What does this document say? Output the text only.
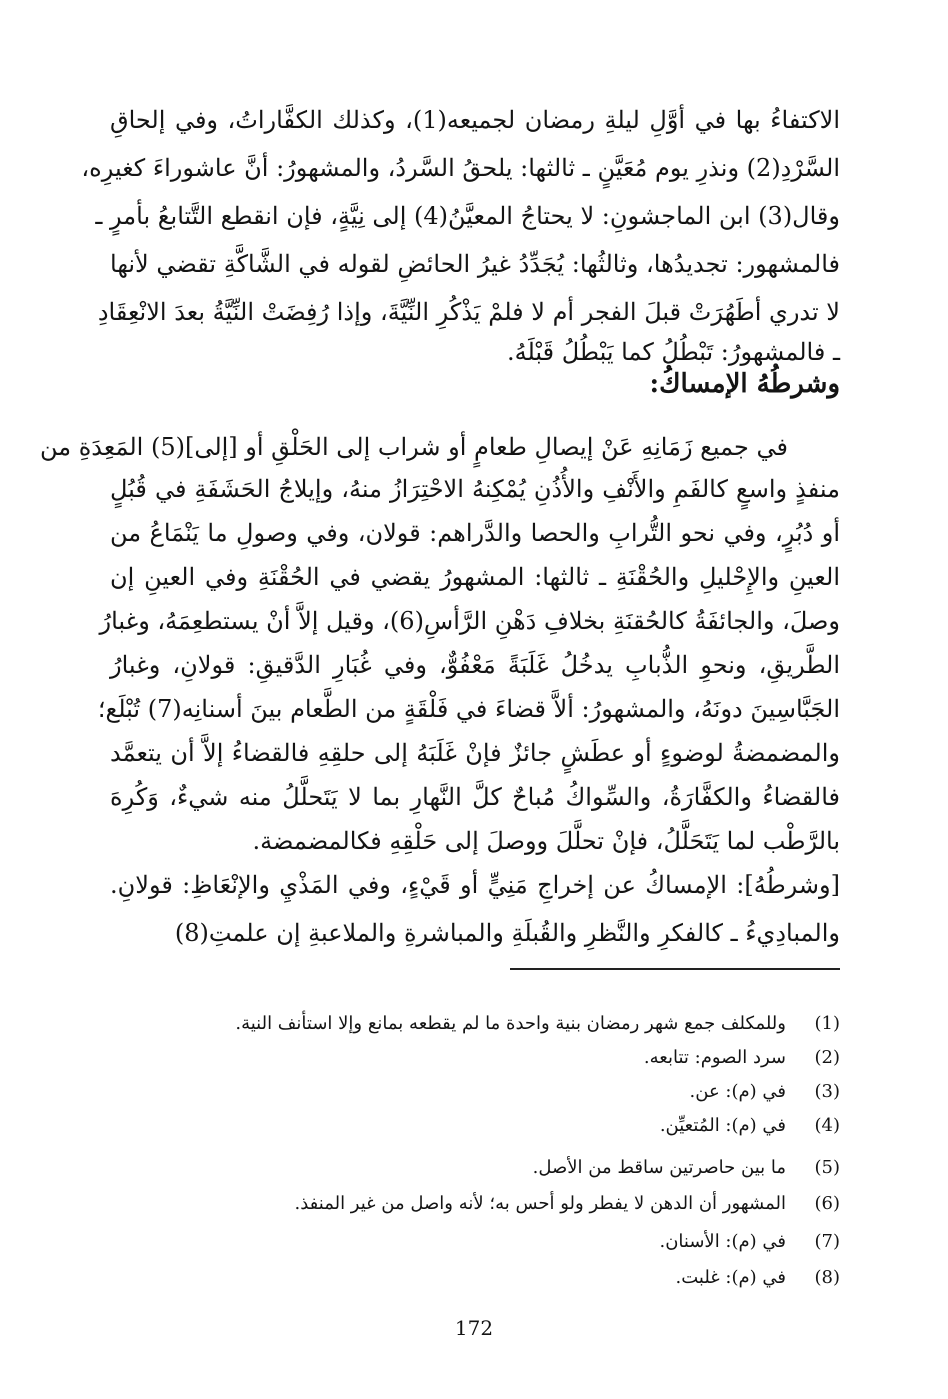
الاكتفاءُ بها في أوَّلِ ليلةِ رمضان لجميعه(1)، وكذلك الكفَّاراتُ، وفي إلحاقِ
السَّرْدِ(2) ونذرِ يوم مُعَيَّنٍ ـ ثالثها: يلحقُ السَّردُ، والمشهورُ: أنَّ عاشوراءَ كغيرِه،
وقال(3) ابن الماجشونِ: لا يحتاجُ المعيَّنُ(4) إلى نِيَّةٍ، فإن انقطع التَّتابعُ بأمرٍ ـ
فالمشهور: تجديدُها، وثالثُها: يُجَدِّدُ غيرُ الحائضِ لقوله في الشَّاكَّةِ تقضي لأنها
لا تدري أطَهُرَتْ قبلَ الفجر أم لا فلمْ يَذْكُرِ النِّيَّةَ، وإذا رُفِضَتْ النِّيَّةُ بعدَ الانْعِقَادِ
ـ فالمشهورُ: تَبْطُلُ كما يَبْطُلُ قَبْلَهُ.
وشرطُهُ الإمساكُ:
في جميع زَمَانِهِ عَنْ إيصالِ طعامٍ أو شراب إلى الحَلْقِ أو [إلى](5) المَعِدَةِ من
منفذٍ واسعٍ كالفَمِ والأَنْفِ والأُذُنِ يُمْكِنهُ الاحْتِرَازُ منهُ، وإيلاجُ الحَشَفَةِ في قُبُلٍ
أو دُبُرٍ، وفي نحو التُّرابِ والحصا والدَّراهم: قولان، وفي وصولِ ما يَنْمَاعُ من
العينِ والإِحْليلِ والحُقْنَةِ ـ ثالثها: المشهورُ يقضي في الحُقْنَةِ وفي العينِ إن
وصلَ، والجائفَةُ كالحُقنَةِ بخلافِ دَهْنِ الرَّأسِ(6)، وقيل إلاَّ أنْ يستطعِمَهُ، وغبارُ
الطَّريقِ، ونحوِ الذُّبابِ يدخُلُ غَلَبَةً مَعْفُوٌّ، وفي غُبَارِ الدَّقيقِ: قولانِ، وغبارُ
الجَبَّاسِينَ دونَهُ، والمشهورُ: ألاَّ قضاءَ في فَلْقَةٍ من الطَّعام بينَ أسنانِه(7) تُبْلَع؛
والمضمضةُ لوضوءٍ أو عطَشٍ جائزٌ فإنْ غَلَبَهُ إلى حلقِهِ فالقضاءُ إلاَّ أن يتعمَّد
فالقضاءُ والكفَّارَةُ، والسِّواكُ مُباحٌ كلَّ النَّهارِ بما لا يَتَحلَّلُ منه شيءٌ، وَكُرِهَ
بالرَّطْب لما يَتَحَلَّلُ، فإنْ تحلَّلَ ووصلَ إلى حَلْقِهِ فكالمضمضة.
[وشرطُهُ]: الإمساكُ عن إخراجِ مَنِيٍّ أو قَيْءٍ، وفي المَذْيِ والإنْعَاظِ: قولانِ.
والمبادِيءُ ـ كالفكرِ والنَّظرِ والقُبلَةِ والمباشرةِ والملاعبةِ إن علمتِ(8)
(1)وللمكلف جمع شهر رمضان بنية واحدة ما لم يقطعه بمانع وإلا استأنف النية.
(2)سرد الصوم: تتابعه.
(3)في (م): عن.
(4)في (م): المُتعيِّن.
(5)ما بين حاصرتين ساقط من الأصل.
(6)المشهور أن الدهن لا يفطر ولو أحس به؛ لأنه واصل من غير المنفذ.
(7)في (م): الأسنان.
(8)في (م): غلبت.
172
